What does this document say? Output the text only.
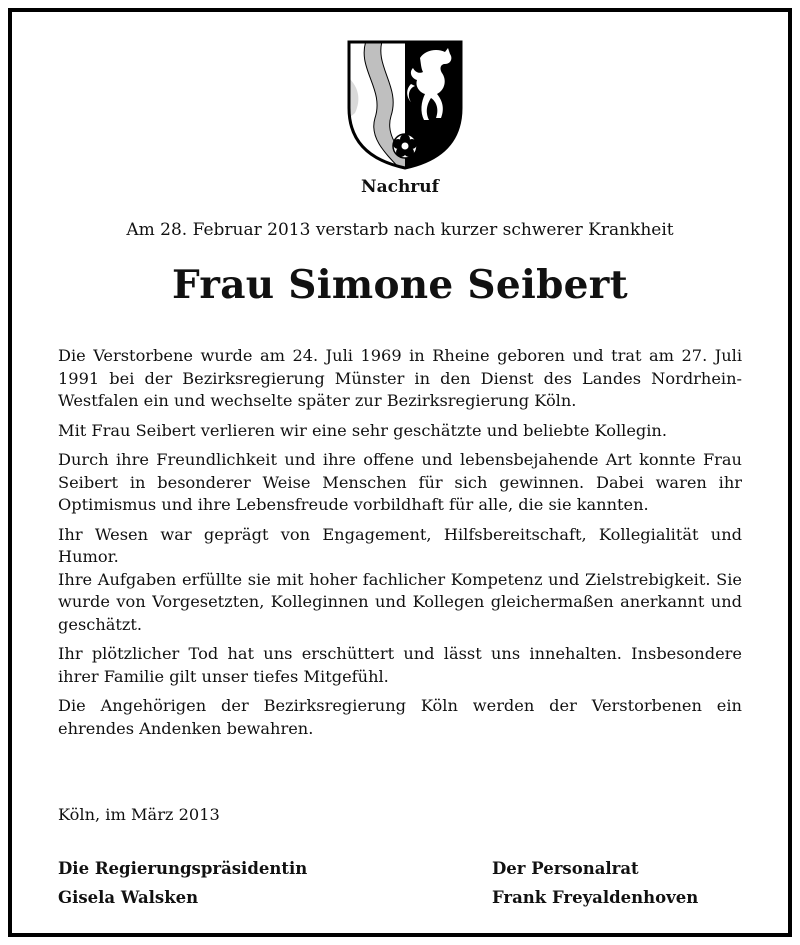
Nachruf
Am 28. Februar 2013 verstarb nach kurzer schwerer Krankheit
Frau Simone Seibert

Die Verstorbene wurde am 24. Juli 1969 in Rheine geboren und trat am 27. Juli 1991 bei der Bezirksregierung Münster in den Dienst des Landes Nordrhein-Westfalen ein und wechselte später zur Bezirksregierung Köln.

Mit Frau Seibert verlieren wir eine sehr geschätzte und beliebte Kollegin.

Durch ihre Freundlichkeit und ihre offene und lebensbejahende Art konnte Frau Seibert in besonderer Weise Menschen für sich gewinnen. Dabei waren ihr Optimismus und ihre Lebensfreude vorbildhaft für alle, die sie kannten.

Ihr Wesen war geprägt von Engagement, Hilfsbereitschaft, Kollegialität und Humor.

Ihre Aufgaben erfüllte sie mit hoher fachlicher Kompetenz und Zielstrebigkeit. Sie wurde von Vorgesetzten, Kolleginnen und Kollegen gleichermaßen anerkannt und geschätzt.

Ihr plötzlicher Tod hat uns erschüttert und lässt uns innehalten. Insbesondere ihrer Familie gilt unser tiefes Mitgefühl.

Die Angehörigen der Bezirksregierung Köln werden der Verstorbenen ein ehrendes Andenken bewahren.

Köln, im März 2013
Die Regierungspräsidentin
Gisela Walsken
Der Personalrat
Frank Freyaldenhoven
